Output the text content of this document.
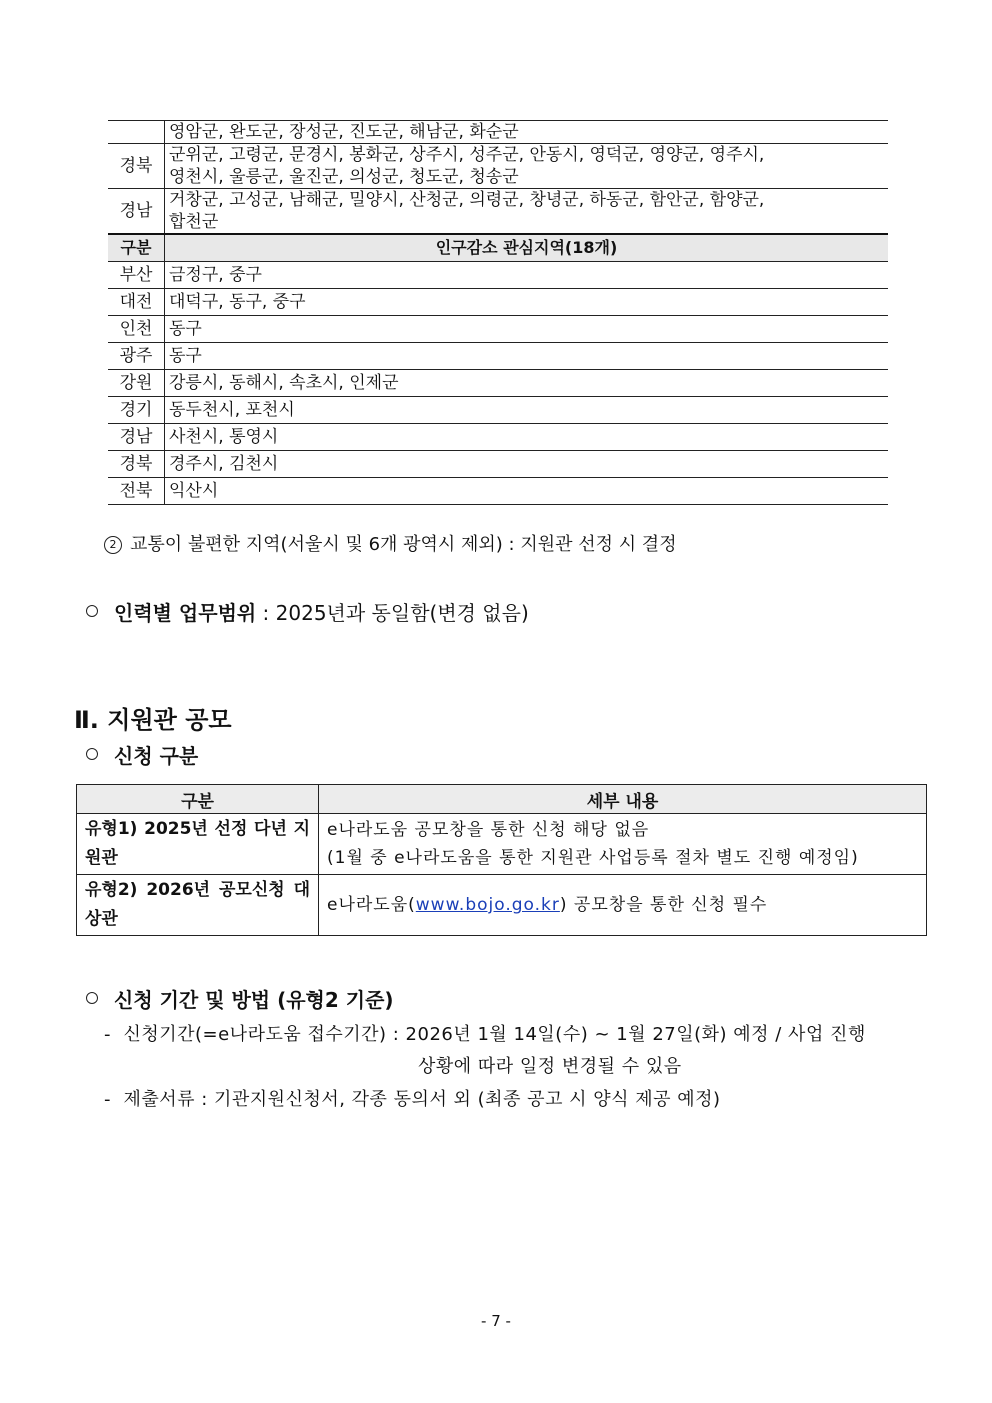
	영암군, 완도군, 장성군, 진도군, 해남군, 화순군
경북	군위군, 고령군, 문경시, 봉화군, 상주시, 성주군, 안동시, 영덕군, 영양군, 영주시,
영천시, 울릉군, 울진군, 의성군, 청도군, 청송군

경남	거창군, 고성군, 남해군, 밀양시, 산청군, 의령군, 창녕군, 하동군, 함안군, 함양군,
합천군

구분	인구감소 관심지역(18개)
부산	금정구, 중구
대전	대덕구, 동구, 중구
인천	동구
광주	동구
강원	강릉시, 동해시, 속초시, 인제군
경기	동두천시, 포천시
경남	사천시, 통영시
경북	경주시, 김천시
전북	익산시
2 교통이 불편한 지역(서울시 및 6개 광역시 제외) : 지원관 선정 시 결정
인력별 업무범위 : 2025년과 동일함(변경 없음)
Ⅱ. 지원관 공모
신청 구분
구분	세부 내용
유형1) 2025년 선정 다년 지원관	e나라도움 공모창을 통한 신청 해당 없음
(1월 중 e나라도움을 통한 지원관 사업등록 절차 별도 진행 예정임)

유형2) 2026년 공모신청 대상관	e나라도움(www.bojo.go.kr) 공모창을 통한 신청 필수
신청 기간 및 방법 (유형2 기준)
-  신청기간(=e나라도움 접수기간) : 2026년 1월 14일(수) ~ 1월 27일(화) 예정 / 사업 진행
상황에 따라 일정 변경될 수 있음
-  제출서류 : 기관지원신청서, 각종 동의서 외 (최종 공고 시 양식 제공 예정)
- 7 -
